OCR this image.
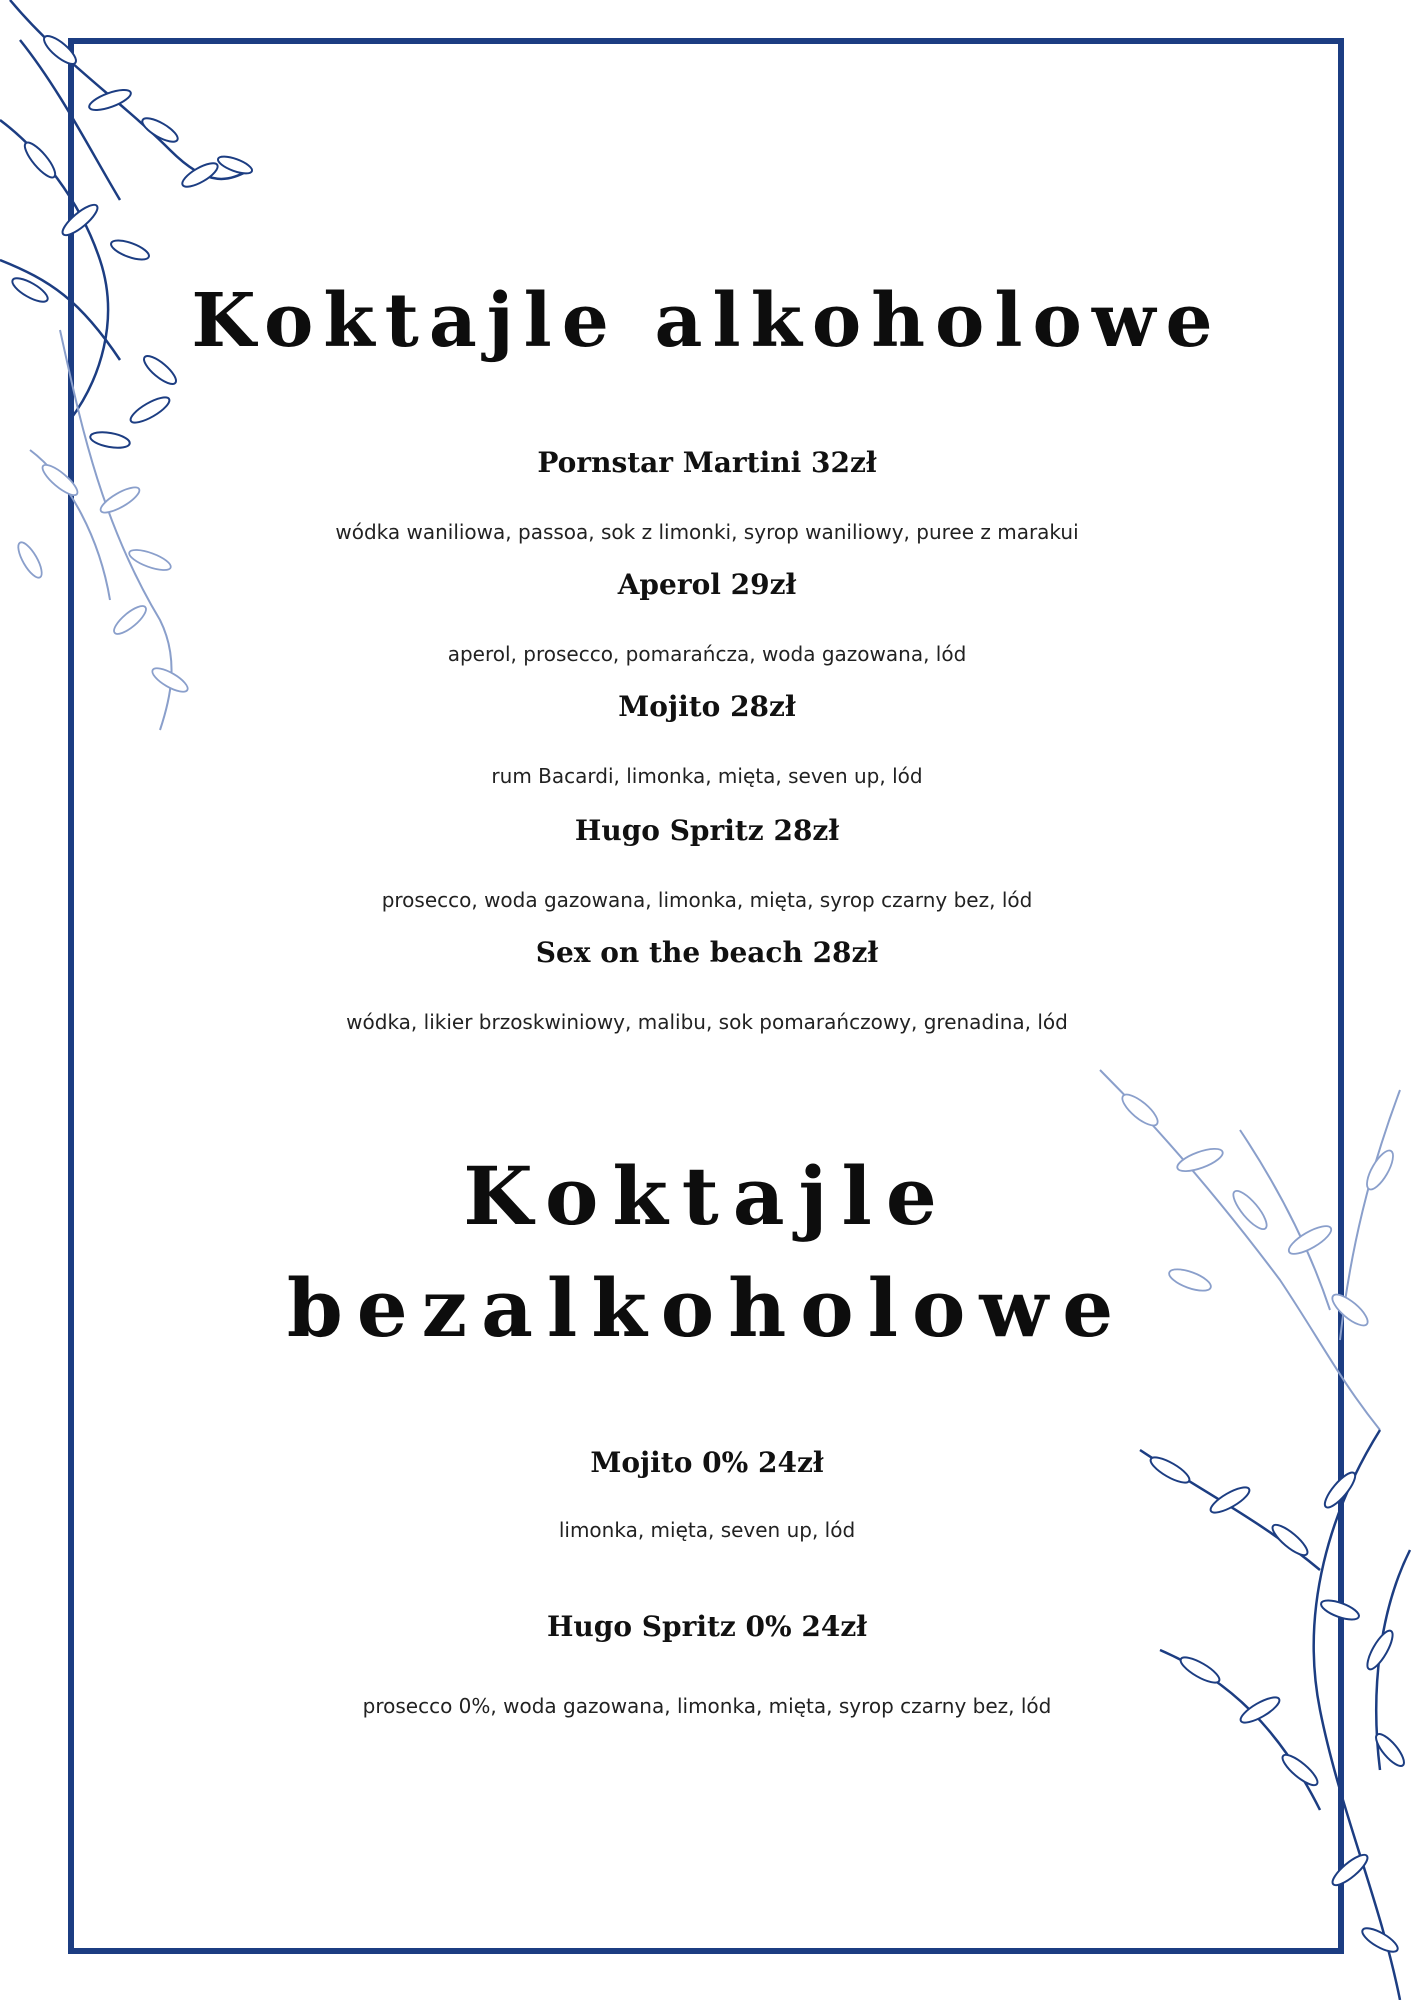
Koktajle alkoholowe

Pornstar Martini 32zł

wódka waniliowa, passoa, sok z limonki, syrop waniliowy, puree z marakui

Aperol 29zł

aperol, prosecco, pomarańcza, woda gazowana, lód

Mojito 28zł

rum Bacardi, limonka, mięta, seven up, lód

Hugo Spritz 28zł

prosecco, woda gazowana, limonka, mięta, syrop czarny bez, lód

Sex on the beach 28zł

wódka, likier brzoskwiniowy, malibu, sok pomarańczowy, grenadina, lód

Koktajle
bezalkoholowe

Mojito 0% 24zł

limonka, mięta, seven up, lód

Hugo Spritz 0% 24zł

prosecco 0%, woda gazowana, limonka, mięta, syrop czarny bez, lód
